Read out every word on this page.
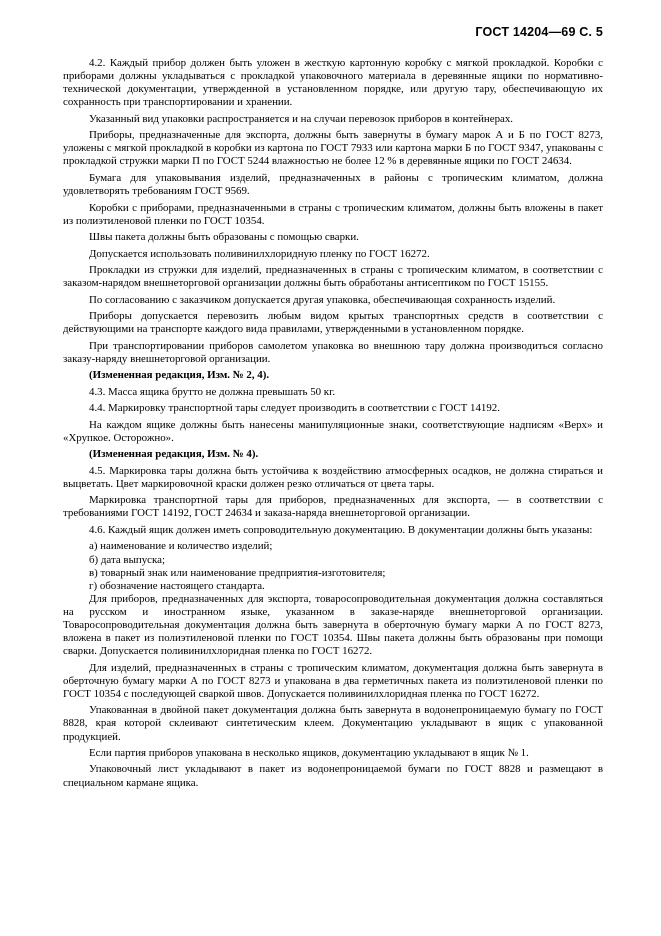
ГОСТ 14204—69 С. 5

4.2. Каждый прибор должен быть уложен в жесткую картонную коробку с мягкой прокладкой. Коробки с приборами должны укладываться с прокладкой упаковочного материала в деревянные ящики по нормативно-технической документации, утвержденной в установленном порядке, или другую тару, обеспечивающую их сохранность при транспортировании и хранении.

Указанный вид упаковки распространяется и на случаи перевозок приборов в контейнерах.

Приборы, предназначенные для экспорта, должны быть завернуты в бумагу марок А и Б по ГОСТ 8273, уложены с мягкой прокладкой в коробки из картона по ГОСТ 7933 или картона марки Б по ГОСТ 9347, упакованы с прокладкой стружки марки П по ГОСТ 5244 влажностью не более 12 % в деревянные ящики по ГОСТ 24634.

Бумага для упаковывания изделий, предназначенных в районы с тропическим климатом, должна удовлетворять требованиям ГОСТ 9569.

Коробки с приборами, предназначенными в страны с тропическим климатом, должны быть вложены в пакет из полиэтиленовой пленки по ГОСТ 10354.

Швы пакета должны быть образованы с помощью сварки.

Допускается использовать поливинилхлоридную пленку по ГОСТ 16272.

Прокладки из стружки для изделий, предназначенных в страны с тропическим климатом, в соответствии с заказом-нарядом внешнеторговой организации должны быть обработаны антисептиком по ГОСТ 15155.

По согласованию с заказчиком допускается другая упаковка, обеспечивающая сохранность изделий.

Приборы допускается перевозить любым видом крытых транспортных средств в соответствии с действующими на транспорте каждого вида правилами, утвержденными в установленном порядке.

При транспортировании приборов самолетом упаковка во внешнюю тару должна производиться согласно заказу-наряду внешнеторговой организации.

(Измененная редакция, Изм. № 2, 4).

4.3. Масса ящика брутто не должна превышать 50 кг.

4.4. Маркировку транспортной тары следует производить в соответствии с ГОСТ 14192.

На каждом ящике должны быть нанесены манипуляционные знаки, соответствующие надписям «Верх» и «Хрупкое. Осторожно».

(Измененная редакция, Изм. № 4).

4.5. Маркировка тары должна быть устойчива к воздействию атмосферных осадков, не должна стираться и выцветать. Цвет маркировочной краски должен резко отличаться от цвета тары.

Маркировка транспортной тары для приборов, предназначенных для экспорта, — в соответствии с требованиями ГОСТ 14192, ГОСТ 24634 и заказа-наряда внешнеторговой организации.

4.6. Каждый ящик должен иметь сопроводительную документацию. В документации должны быть указаны:

а) наименование и количество изделий;

б) дата выпуска;

в) товарный знак или наименование предприятия-изготовителя;

г) обозначение настоящего стандарта.

Для приборов, предназначенных для экспорта, товаросопроводительная документация должна составляться на русском и иностранном языке, указанном в заказе-наряде внешнеторговой организации. Товаросопроводительная документация должна быть завернута в оберточную бумагу марки А по ГОСТ 8273, вложена в пакет из полиэтиленовой пленки по ГОСТ 10354. Швы пакета должны быть образованы при помощи сварки. Допускается поливинилхлоридная пленка по ГОСТ 16272.

Для изделий, предназначенных в страны с тропическим климатом, документация должна быть завернута в оберточную бумагу марки А по ГОСТ 8273 и упакована в два герметичных пакета из полиэтиленовой пленки по ГОСТ 10354 с последующей сваркой швов. Допускается поливинилхлоридная пленка по ГОСТ 16272.

Упакованная в двойной пакет документация должна быть завернута в водонепроницаемую бумагу по ГОСТ 8828, края которой склеивают синтетическим клеем. Документацию укладывают в ящик с упакованной продукцией.

Если партия приборов упакована в несколько ящиков, документацию укладывают в ящик № 1.

Упаковочный лист укладывают в пакет из водонепроницаемой бумаги по ГОСТ 8828 и размещают в специальном кармане ящика.
